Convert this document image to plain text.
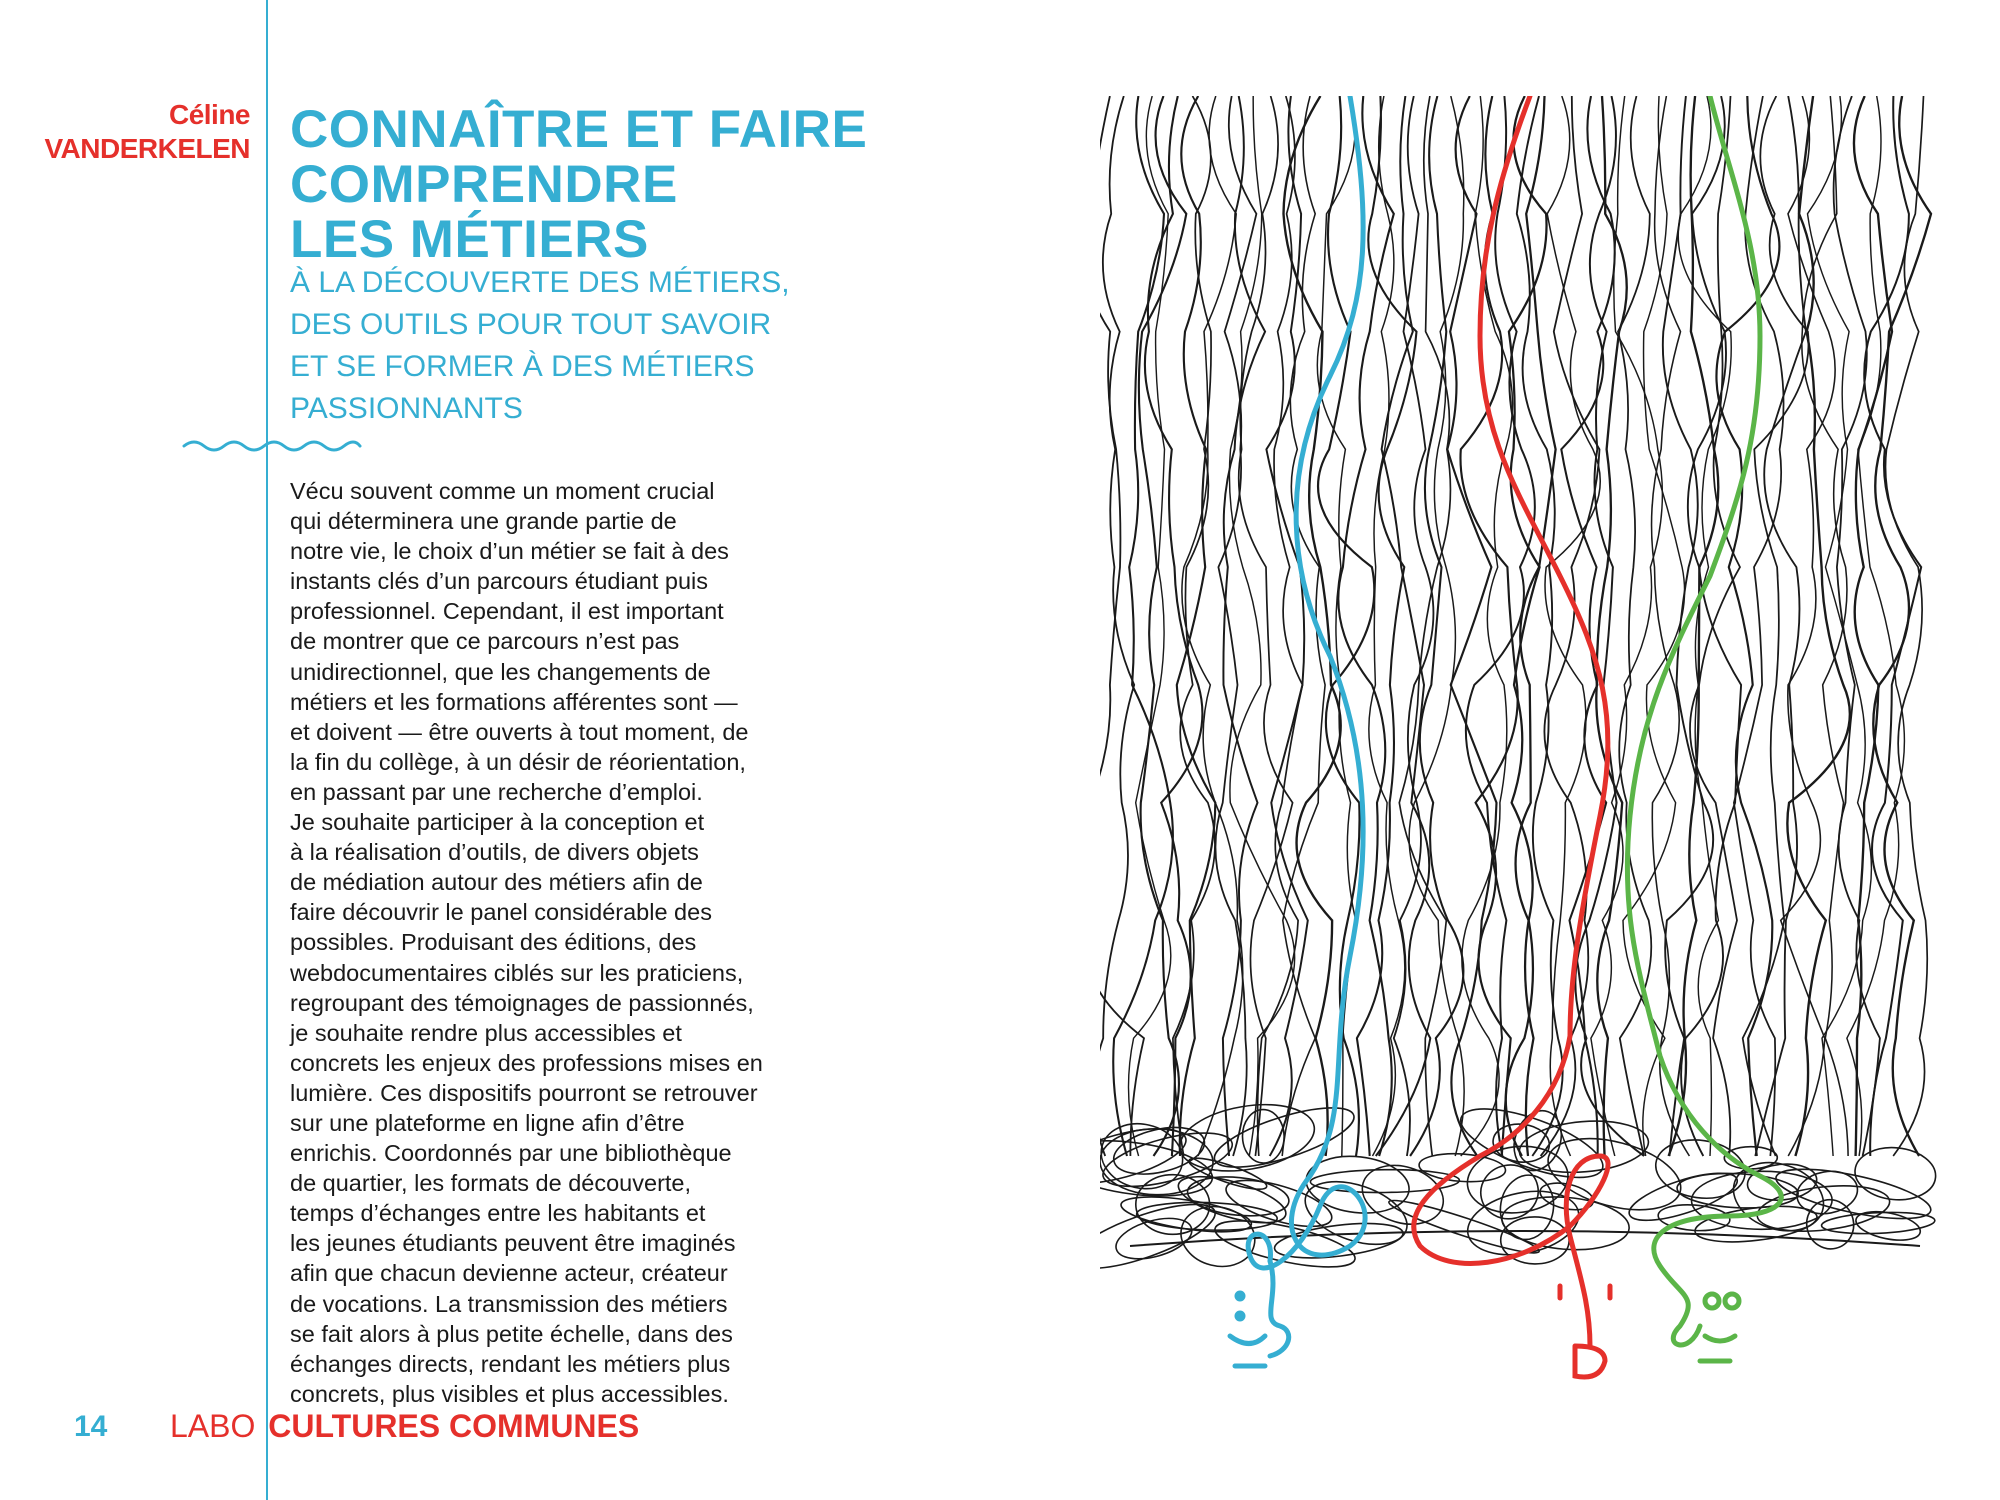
Céline
VANDERKELEN CONNAÎTRE ET FAIRE
COMPRENDRE
LES MÉTIERS
À LA DÉCOUVERTE DES MÉTIERS,
DES OUTILS POUR TOUT SAVOIR
ET SE FORMER À DES MÉTIERS
PASSIONNANTS
Vécu souvent comme un moment crucial
qui déterminera une grande partie de
notre vie, le choix d’un métier se fait à des
instants clés d’un parcours étudiant puis
professionnel. Cependant, il est important
de montrer que ce parcours n’est pas
unidirectionnel, que les changements de
métiers et les formations afférentes sont —
et doivent — être ouverts à tout moment, de
la fin du collège, à un désir de réorientation,
en passant par une recherche d’emploi.
Je souhaite participer à la conception et
à la réalisation d’outils, de divers objets
de médiation autour des métiers afin de
faire découvrir le panel considérable des
possibles. Produisant des éditions, des
webdocumentaires ciblés sur les praticiens,
regroupant des témoignages de passionnés,
je souhaite rendre plus accessibles et
concrets les enjeux des professions mises en
lumière. Ces dispositifs pourront se retrouver
sur une plateforme en ligne afin d’être
enrichis. Coordonnés par une bibliothèque
de quartier, les formats de découverte,
temps d’échanges entre les habitants et
les jeunes étudiants peuvent être imaginés
afin que chacun devienne acteur, créateur
de vocations. La transmission des métiers
se fait alors à plus petite échelle, dans des
échanges directs, rendant les métiers plus
concrets, plus visibles et plus accessibles.
14 LABO CULTURES COMMUNES
